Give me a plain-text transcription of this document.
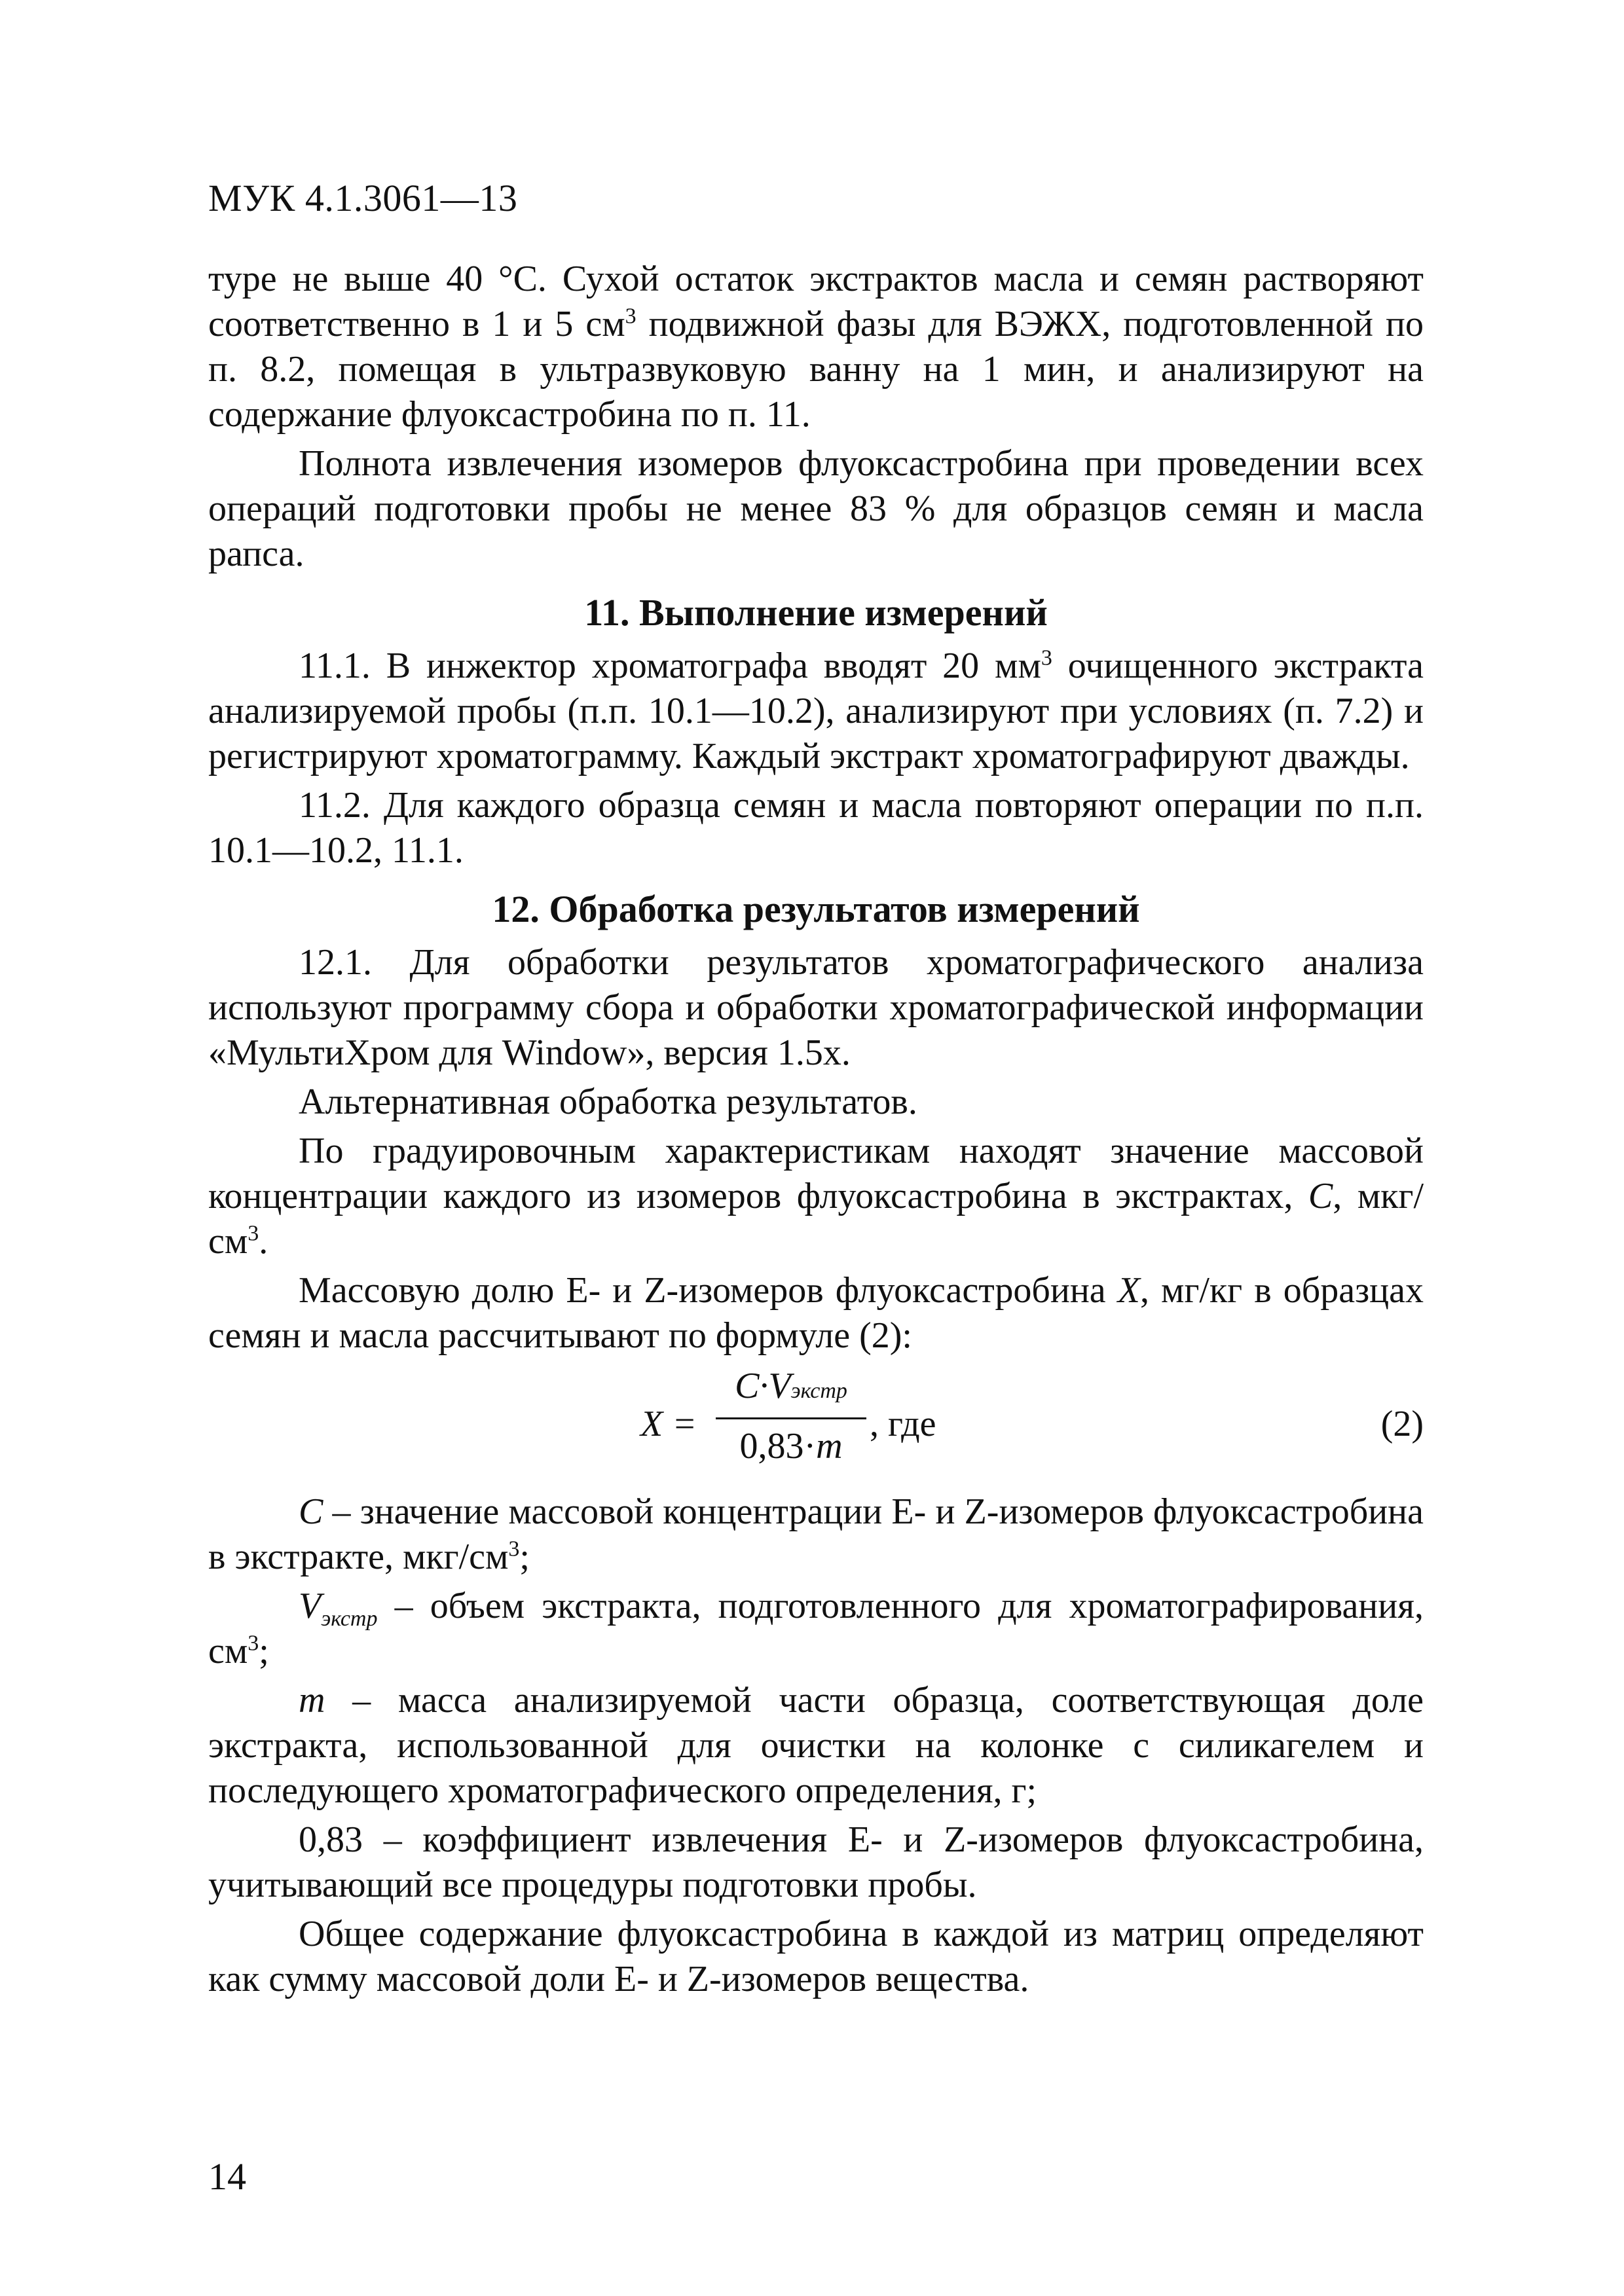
МУК 4.1.3061—13

туре не выше 40 °С. Сухой остаток экстрактов масла и семян растворяют соответственно в 1 и 5 $см^3$ подвижной фазы для ВЭЖХ, подготовленной по п. 8.2, помещая в ультразвуковую ванну на 1 мин, и анализируют на содержание флуоксастробина по п. 11.

Полнота извлечения изомеров флуоксастробина при проведении всех операций подготовки пробы не менее 83 % для образцов семян и масла рапса.

11. Выполнение измерений

11.1. В инжектор хроматографа вводят 20 $мм^3$ очищенного экстракта анализируемой пробы (п.п. 10.1—10.2), анализируют при условиях (п. 7.2) и регистрируют хроматограмму. Каждый экстракт хроматографируют дважды.

11.2. Для каждого образца семян и масла повторяют операции по п.п. 10.1—10.2, 11.1.

12. Обработка результатов измерений

12.1. Для обработки результатов хроматографического анализа используют программу сбора и обработки хроматографической информации «МультиХром для Window», версия 1.5х.

Альтернативная обработка результатов.

По градуировочным характеристикам находят значение массовой концентрации каждого из изомеров флуоксастробина в экстрактах, С, мкг/$см^3$.

Массовую долю Е- и Z-изомеров флуоксастробина X, мг/кг в образцах семян и масла рассчитывают по формуле (2):

X =
C·Vэкстр
0,83·m
, где	(2)

С – значение массовой концентрации Е- и Z-изомеров флуоксастробина в экстракте, мкг/$см^3$;

$V_{экстр}$ – объем экстракта, подготовленного для хроматографирования, $см^3$;

m – масса анализируемой части образца, соответствующая доле экстракта, использованной для очистки на колонке с силикагелем и последующего хроматографического определения, г;

0,83 – коэффициент извлечения Е- и Z-изомеров флуоксастробина, учитывающий все процедуры подготовки пробы.

Общее содержание флуоксастробина в каждой из матриц определяют как сумму массовой доли Е- и Z-изомеров вещества.

14
